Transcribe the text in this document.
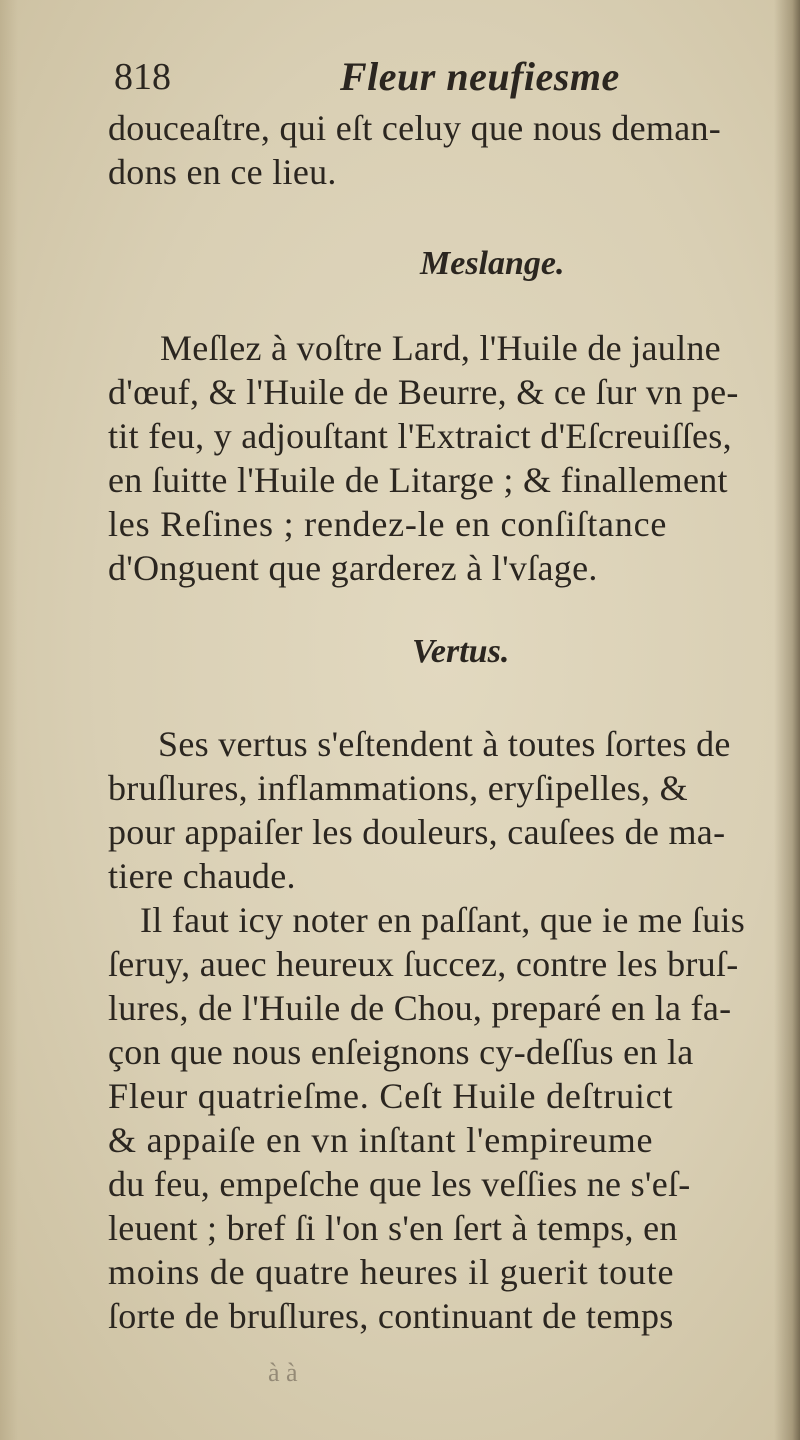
818	Fleur neufiesme
douceaſtre, qui eſt celuy que nous deman-
dons en ce lieu.
Meslange.
Meſlez à voſtre Lard, l'Huile de jaulne
d'œuf, & l'Huile de Beurre, & ce ſur vn pe-
tit feu, y adjouſtant l'Extraict d'Eſcreuiſſes,
en ſuitte l'Huile de Litarge ; & finallement
les Reſines ; rendez-le en conſiſtance
d'Onguent que garderez à l'vſage.
Vertus.
Ses vertus s'eſtendent à toutes ſortes de
bruſlures, inflammations, eryſipelles, &
pour appaiſer les douleurs, cauſees de ma-
tiere chaude.
Il faut icy noter en paſſant, que ie me ſuis
ſeruy, auec heureux ſuccez, contre les bruſ-
lures, de l'Huile de Chou, preparé en la fa-
çon que nous enſeignons cy-deſſus en la
Fleur quatrieſme. Ceſt Huile deſtruict
& appaiſe en vn inſtant l'empireume
du feu, empeſche que les veſſies ne s'eſ-
leuent ; bref ſi l'on s'en ſert à temps, en
moins de quatre heures il guerit toute
ſorte de bruſlures, continuant de temps
à à
